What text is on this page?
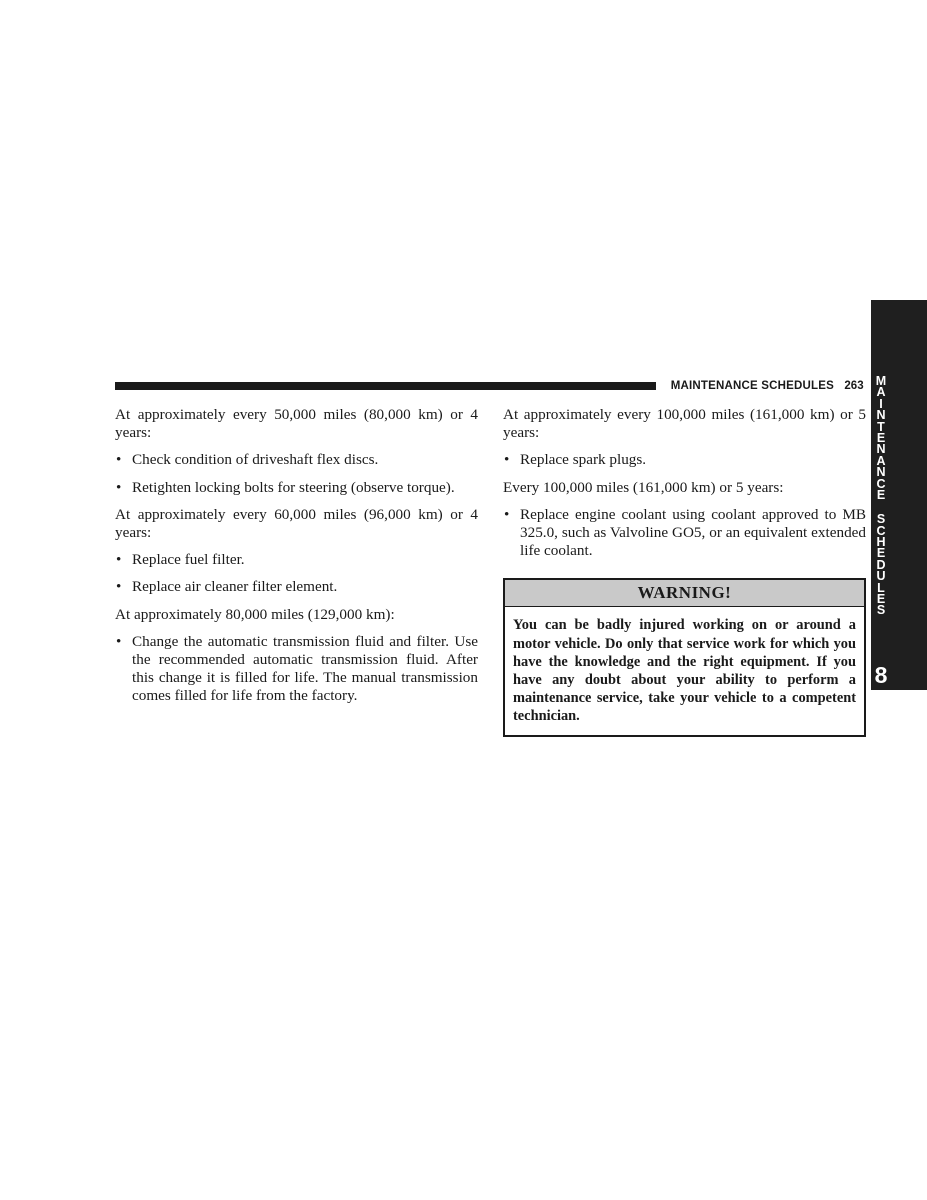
MAINTENANCE SCHEDULES 263 M
A
I
N
T
E
N
A
N
C
E
S
C
H
E
D
U
L
E
S
8

At approximately every 50,000 miles (80,000 km) or 4 years:

• Check condition of driveshaft flex discs.
• Retighten locking bolts for steering (observe torque).

At approximately every 60,000 miles (96,000 km) or 4 years:

• Replace fuel filter.
• Replace air cleaner filter element.

At approximately 80,000 miles (129,000 km):

• Change the automatic transmission fluid and filter. Use the recommended automatic transmission fluid. After this change it is filled for life. The manual transmission comes filled for life from the factory.

At approximately every 100,000 miles (161,000 km) or 5 years:

• Replace spark plugs.

Every 100,000 miles (161,000 km) or 5 years:

• Replace engine coolant using coolant approved to MB 325.0, such as Valvoline GO5, or an equivalent extended life coolant.
WARNING!
You can be badly injured working on or around a motor vehicle. Do only that service work for which you have the knowledge and the right equipment. If you have any doubt about your ability to perform a maintenance service, take your vehicle to a competent technician.
